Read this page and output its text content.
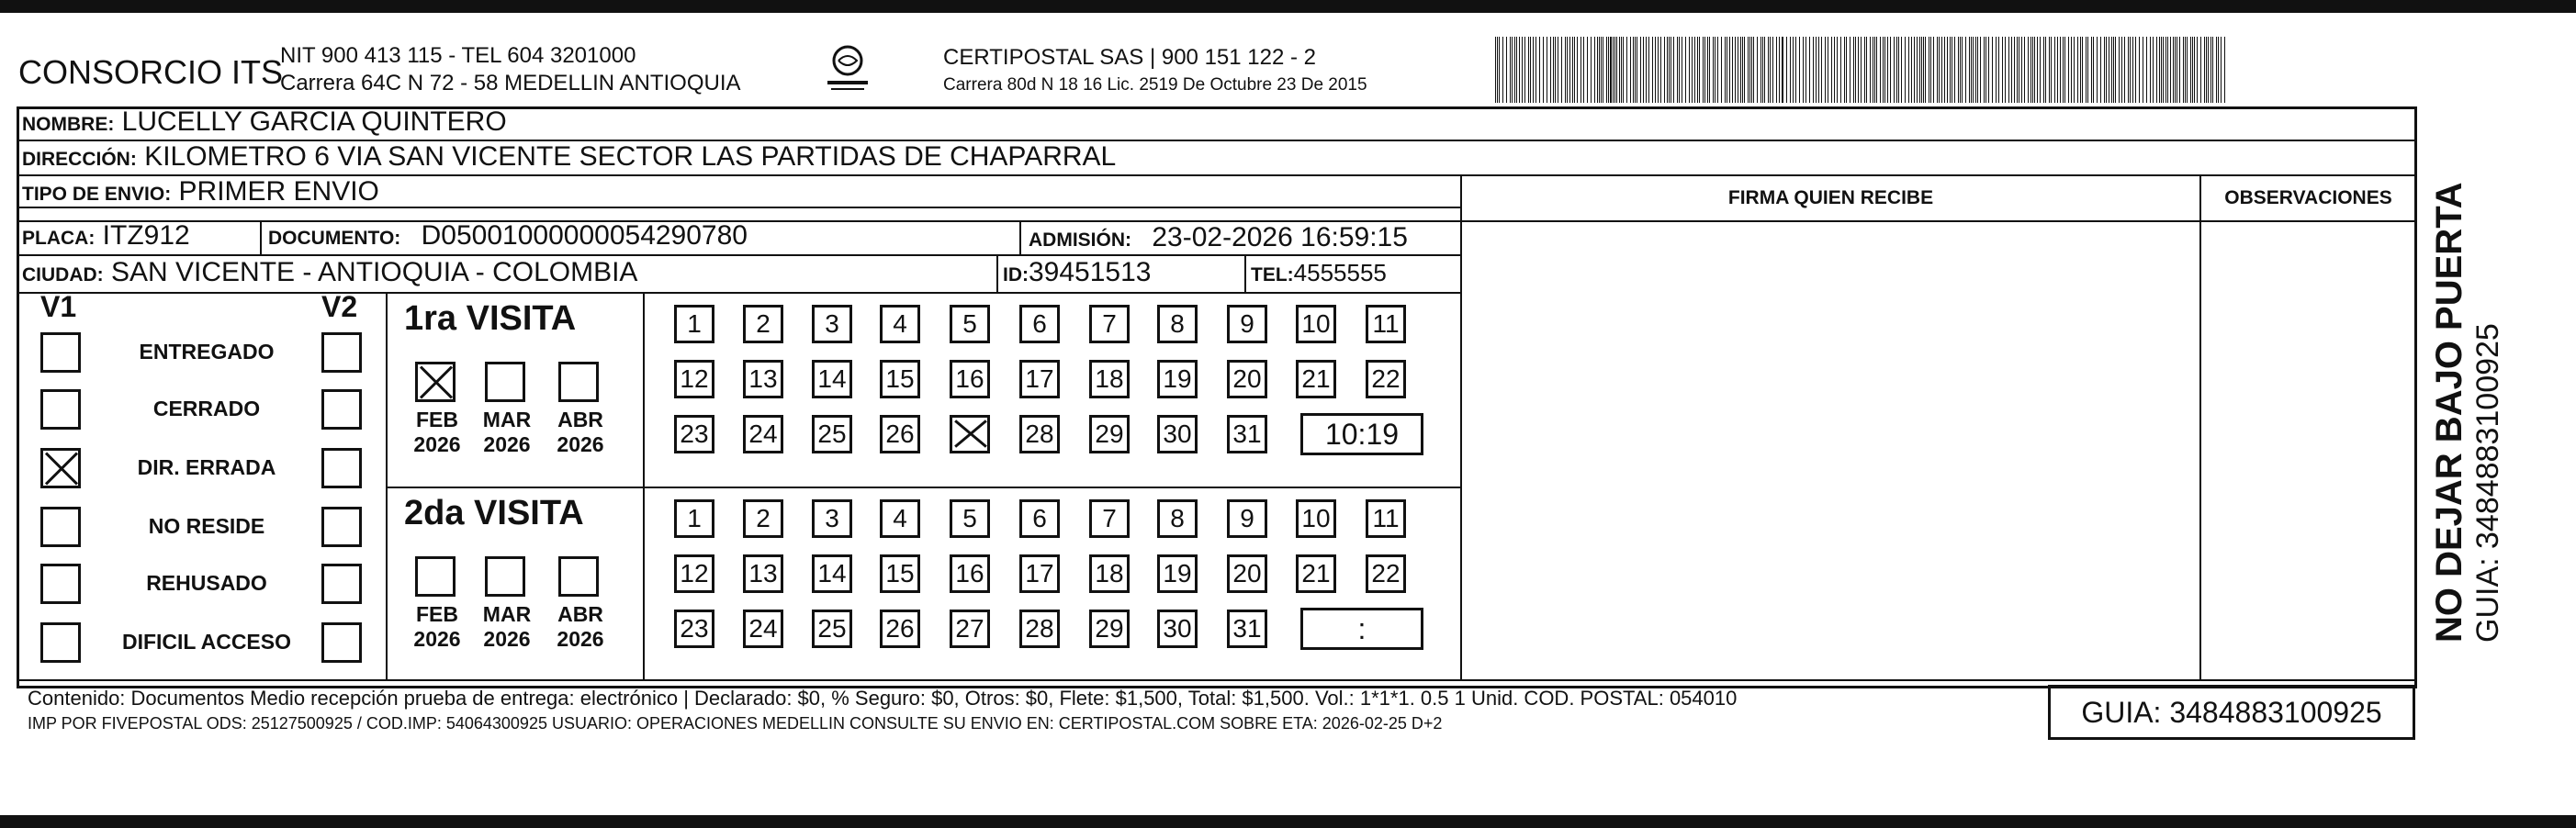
CONSORCIO ITS
NIT 900 413 115 - TEL 604 3201000
Carrera 64C N 72 - 58 MEDELLIN ANTIOQUIA
CERTIPOSTAL SAS | 900 151 122 - 2
Carrera 80d N 18 16 Lic. 2519 De Octubre 23 De 2015
NOMBRE: LUCELLY GARCIA QUINTERO
DIRECCIÓN: KILOMETRO 6 VIA SAN VICENTE SECTOR LAS PARTIDAS DE CHAPARRAL
TIPO DE ENVIO: PRIMER ENVIO	FIRMA QUIEN RECIBE	OBSERVACIONES
PLACA: ITZ912	DOCUMENTO: D05001000000054290780	ADMISIÓN: 23-02-2026 16:59:15
CIUDAD: SAN VICENTE - ANTIOQUIA - COLOMBIA	ID:39451513	TEL:4555555
V1	V2
ENTREGADO
CERRADO
DIR. ERRADA
NO RESIDE
REHUSADO
DIFICIL ACCESO
1ra VISITA
FEB
2026
MAR
2026
ABR
2026
1	2	3	4	5	6	7	8	9	10 11
12 13 14 15 16 17 18 19 20 21 22
23 24 25 26	28 29 30 31	10:19
2da VISITA
FEB
2026
MAR
2026
ABR
2026
1	2	3	4	5	6	7	8	9	10 11
12 13 14 15 16 17 18 19 20 21 22
23 24 25 26 27 28 29 30 31	:
Contenido: Documentos Medio recepción prueba de entrega: electrónico | Declarado: $0, % Seguro: $0, Otros: $0, Flete: $1,500, Total: $1,500. Vol.: 1*1*1. 0.5 1 Unid. COD. POSTAL: 054010
IMP POR FIVEPOSTAL ODS: 25127500925 / COD.IMP: 54064300925 USUARIO: OPERACIONES MEDELLIN CONSULTE SU ENVIO EN: CERTIPOSTAL.COM SOBRE ETA: 2026-02-25 D+2	GUIA: 3484883100925
NO DEJAR BAJO PUERTA GUIA: 3484883100925
